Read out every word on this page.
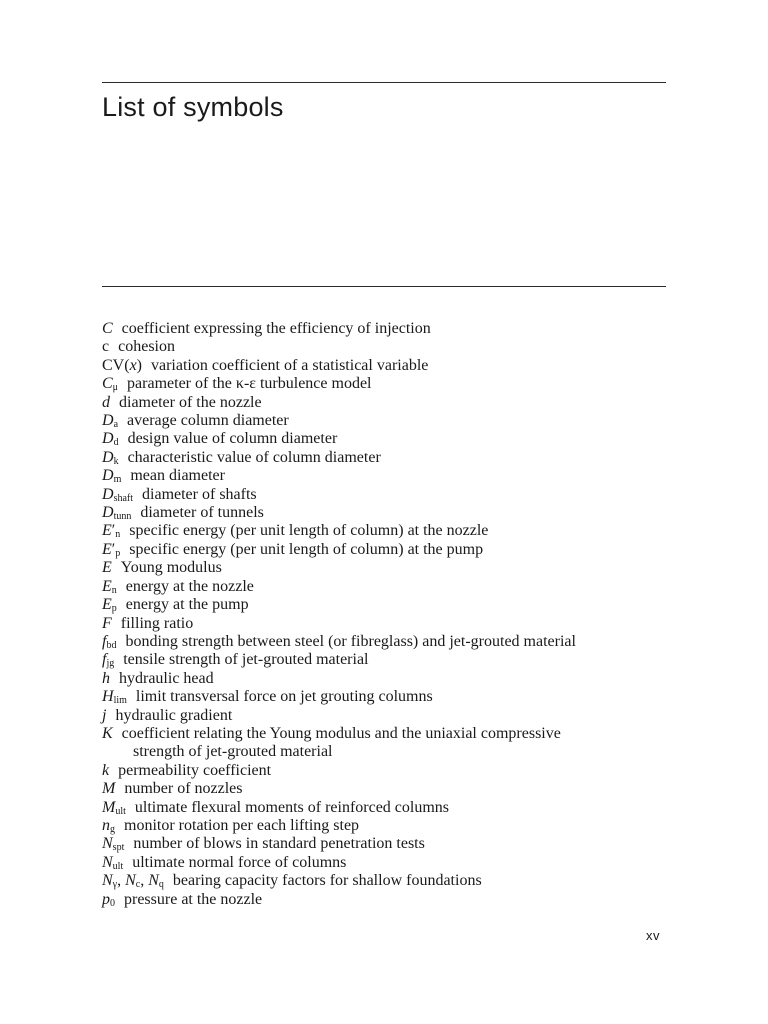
List of symbols
C coefficient expressing the efficiency of injection
c cohesion
CV(x) variation coefficient of a statistical variable
$C_\mu$ parameter of the κ-ε turbulence model
d diameter of the nozzle
$D_a$ average column diameter
$D_d$ design value of column diameter
$D_k$ characteristic value of column diameter
$D_m$ mean diameter
$D_{shaft}$ diameter of shafts
$D_{tunn}$ diameter of tunnels
$E'_n$ specific energy (per unit length of column) at the nozzle
$E'_p$ specific energy (per unit length of column) at the pump
E Young modulus
$E_n$ energy at the nozzle
$E_p$ energy at the pump
F filling ratio
$f_{bd}$ bonding strength between steel (or fibreglass) and jet-grouted material
$f_{jg}$ tensile strength of jet-grouted material
h hydraulic head
$H_{lim}$ limit transversal force on jet grouting columns
j hydraulic gradient
K coefficient relating the Young modulus and the uniaxial compressive
strength of jet-grouted material
k permeability coefficient
M number of nozzles
$M_{ult}$ ultimate flexural moments of reinforced columns
$n_g$ monitor rotation per each lifting step
$N_{spt}$ number of blows in standard penetration tests
$N_{ult}$ ultimate normal force of columns
$N_\gamma$, $N_c$, $N_q$ bearing capacity factors for shallow foundations
$p_0$ pressure at the nozzle
xv
